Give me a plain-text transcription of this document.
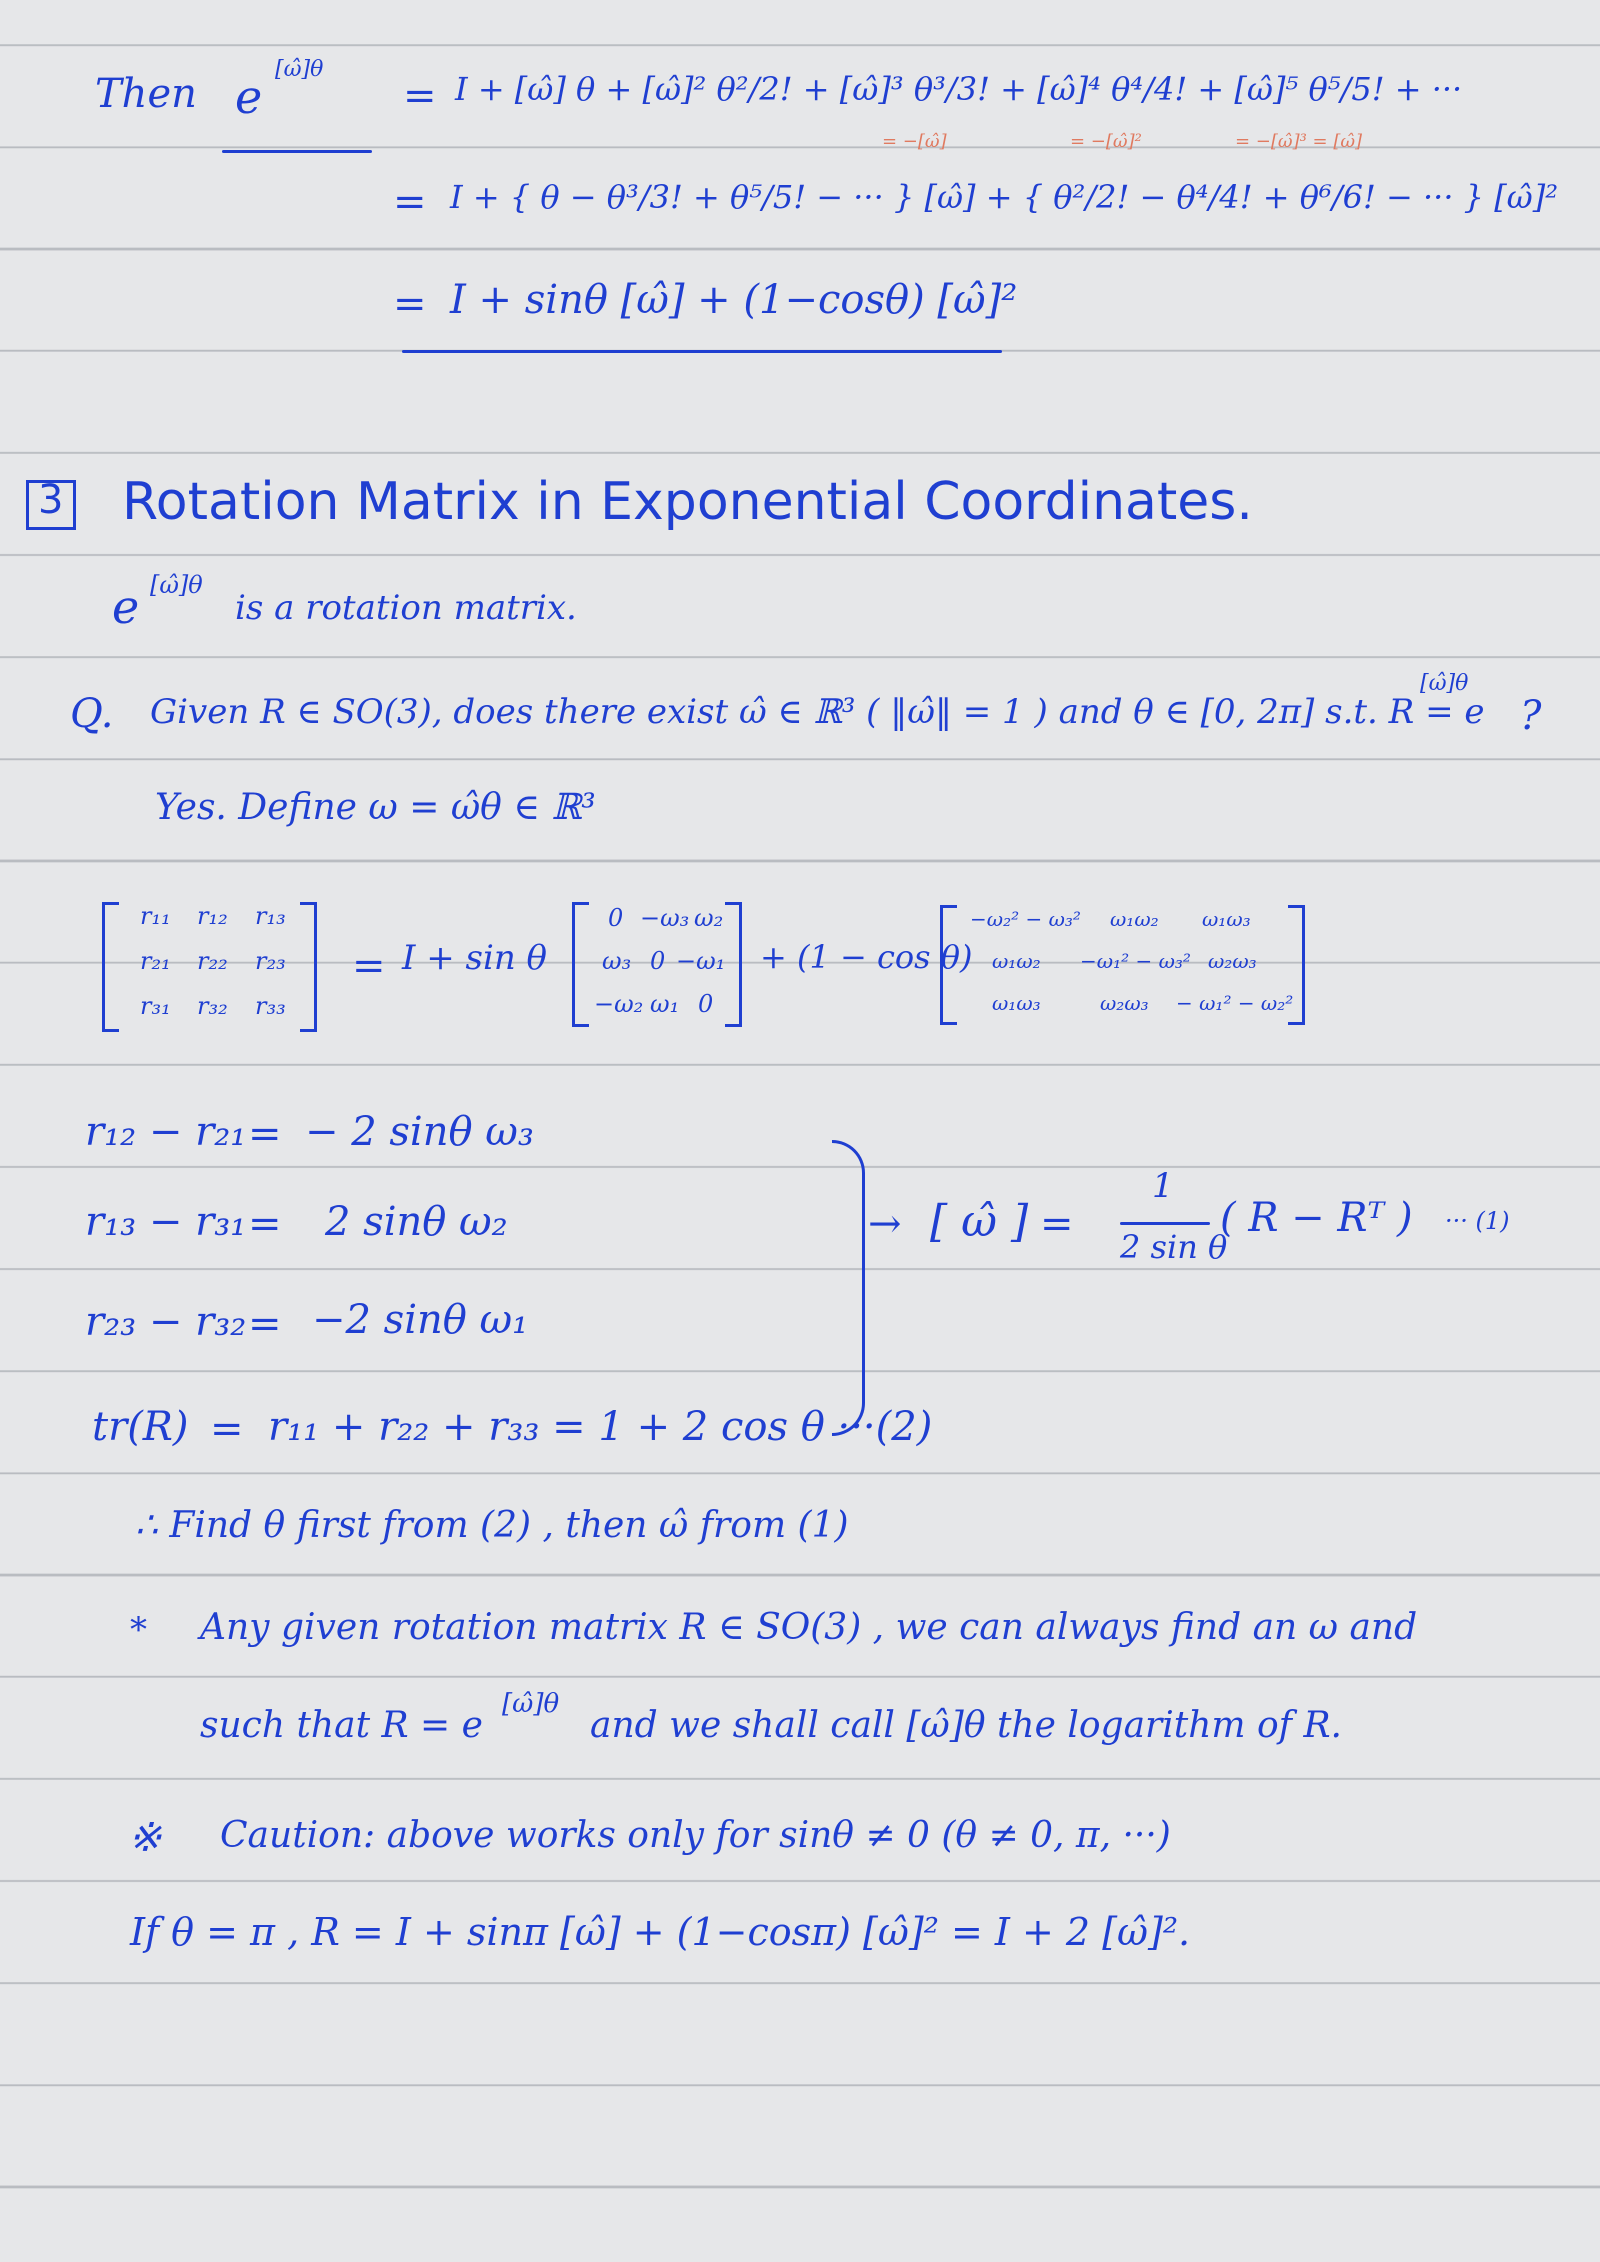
Then e
[ω̂]θ
= I + [ω̂] θ + [ω̂]² θ²/2! + [ω̂]³ θ³/3! + [ω̂]⁴ θ⁴/4! + [ω̂]⁵ θ⁵/5! + ···
= −[ω̂]	= −[ω̂]²	= −[ω̂]³ = [ω̂]
= I + { θ − θ³/3! + θ⁵/5! − ··· } [ω̂] + { θ²/2! − θ⁴/4! + θ⁶/6! − ··· } [ω̂]²
= I + sinθ [ω̂] + (1−cosθ) [ω̂]²
3 Rotation Matrix in Exponential Coordinates.
e [ω̂]θ
is a rotation matrix.
Q. Given R ∈ SO(3), does there exist ω̂ ∈ ℝ³ ( ‖ω̂‖ = 1 ) and θ ∈ [0, 2π] s.t. R = e
[ω̂]θ
?
Yes. Define ω = ω̂θ ∈ ℝ³
r₁₁ r₁₂ r₁₃
r₂₁ r₂₂ r₂₃
r₃₁ r₃₂ r₃₃
= I + sin θ
0 −ω₃ ω₂
ω₃ 0 −ω₁
−ω₂ ω₁ 0
+ (1 − cos θ)
−ω₂² − ω₃² ω₁ω₂ ω₁ω₃
ω₁ω₂ −ω₁² − ω₃² ω₂ω₃
ω₁ω₃	ω₂ω₃ − ω₁² − ω₂²
r₁₂ − r₂₁ = − 2 sinθ ω₃
r₁₃ − r₃₁ = 2 sinθ ω₂
r₂₃ − r₃₂ = −2 sinθ ω₁
tr(R) = r₁₁ + r₂₂ + r₃₃ = 1 + 2 cos θ ···(2)
→ [ ω̂ ] =
1
2 sin θ
( R − Rᵀ ) ··· (1)
∴ Find θ first from (2) , then ω̂ from (1)
* Any given rotation matrix R ∈ SO(3) , we can always find an ω and
such that R = e
[ω̂]θ
and we shall call [ω̂]θ the logarithm of R.
※ Caution: above works only for sinθ ≠ 0 (θ ≠ 0, π, ···)
If θ = π , R = I + sinπ [ω̂] + (1−cosπ) [ω̂]² = I + 2 [ω̂]².
